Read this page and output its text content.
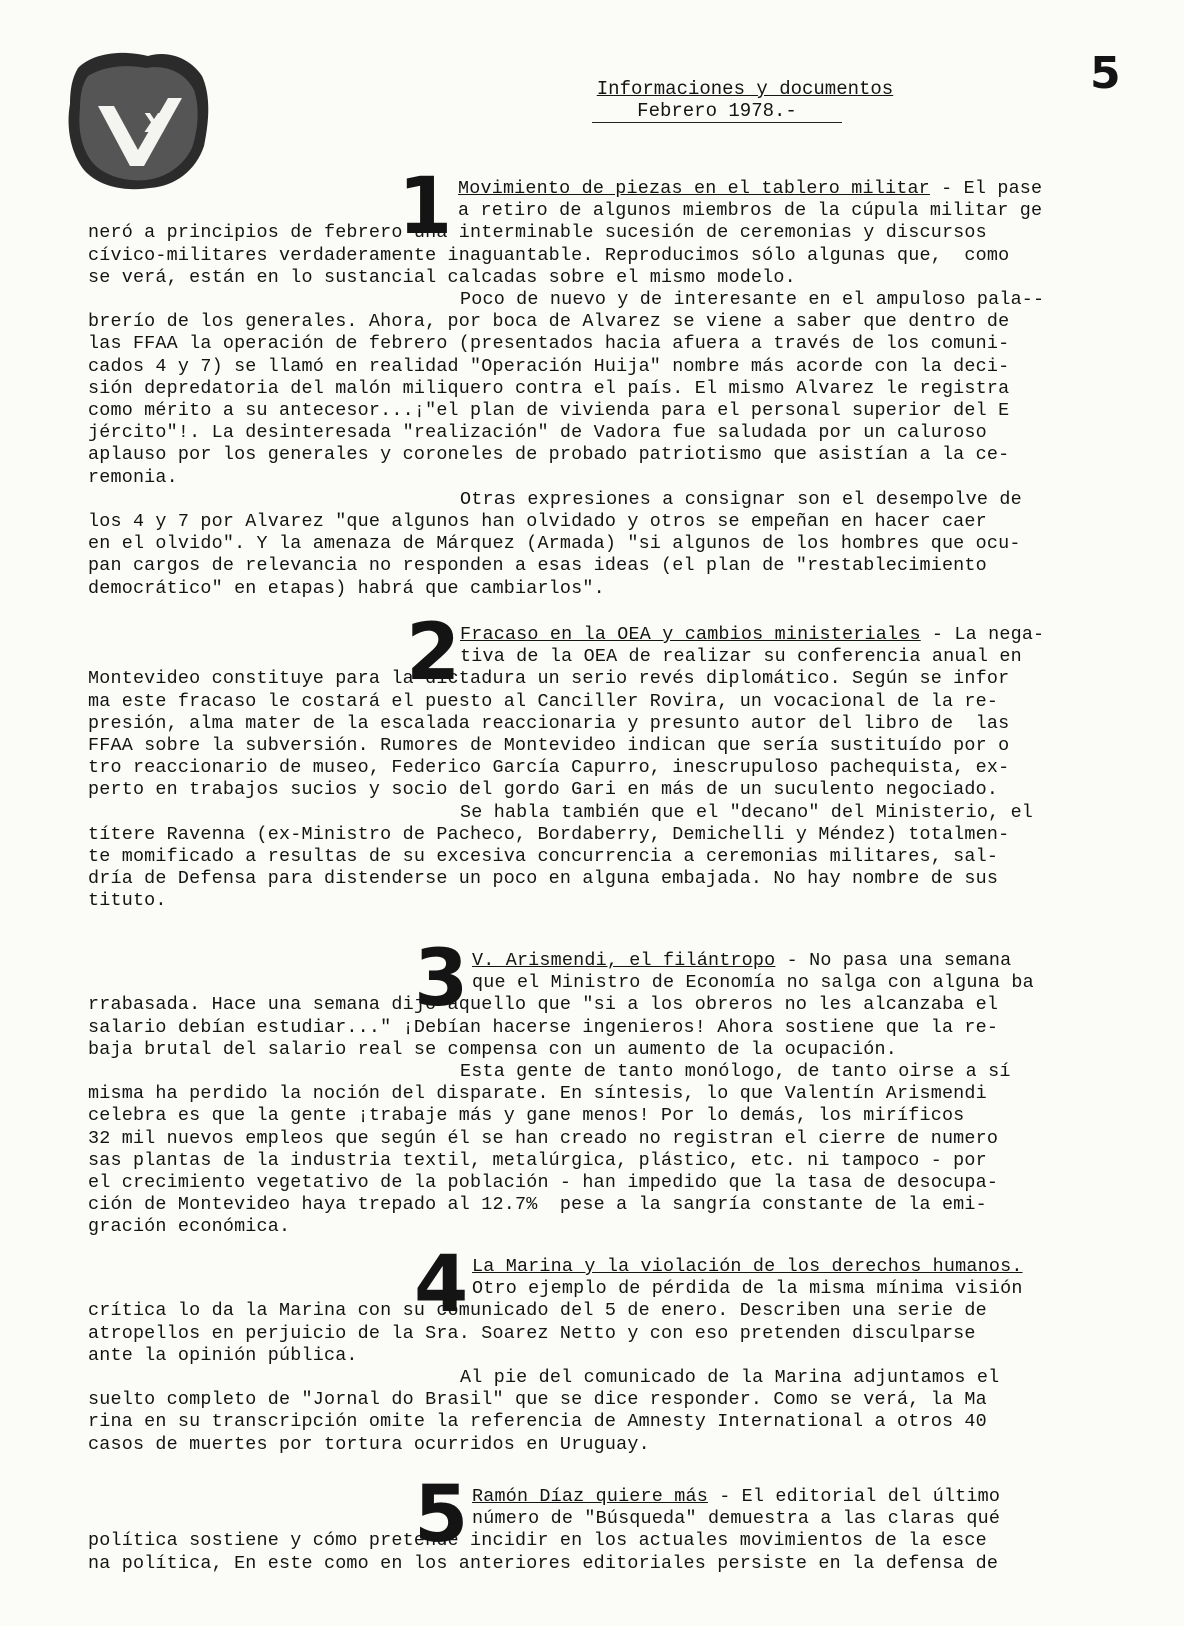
X
5
Informaciones y documentos

Febrero 1978.-
1 Movimiento de piezas en el tablero militar - El pase
a retiro de algunos miembros de la cúpula militar ge
neró a principios de febrero una interminable sucesión de ceremonias y discursos
cívico-militares verdaderamente inaguantable. Reproducimos sólo algunas que,  como
se verá, están en lo sustancial calcadas sobre el mismo modelo.
Poco de nuevo y de interesante en el ampuloso pala--
brerío de los generales. Ahora, por boca de Alvarez se viene a saber que dentro de
las FFAA la operación de febrero (presentados hacia afuera a través de los comuni-
cados 4 y 7) se llamó en realidad "Operación Huija" nombre más acorde con la deci-
sión depredatoria del malón miliquero contra el país. El mismo Alvarez le registra
como mérito a su antecesor...¡"el plan de vivienda para el personal superior del E
jército"!. La desinteresada "realización" de Vadora fue saludada por un caluroso
aplauso por los generales y coroneles de probado patriotismo que asistían a la ce-
remonia.
Otras expresiones a consignar son el desempolve de
los 4 y 7 por Alvarez "que algunos han olvidado y otros se empeñan en hacer caer
en el olvido". Y la amenaza de Márquez (Armada) "si algunos de los hombres que ocu-
pan cargos de relevancia no responden a esas ideas (el plan de "restablecimiento
democrático" en etapas) habrá que cambiarlos".
2 Fracaso en la OEA y cambios ministeriales - La nega-
tiva de la OEA de realizar su conferencia anual en
Montevideo constituye para la dictadura un serio revés diplomático. Según se infor
ma este fracaso le costará el puesto al Canciller Rovira, un vocacional de la re-
presión, alma mater de la escalada reaccionaria y presunto autor del libro de  las
FFAA sobre la subversión. Rumores de Montevideo indican que sería sustituído por o
tro reaccionario de museo, Federico García Capurro, inescrupuloso pachequista, ex-
perto en trabajos sucios y socio del gordo Gari en más de un suculento negociado.
Se habla también que el "decano" del Ministerio, el
títere Ravenna (ex-Ministro de Pacheco, Bordaberry, Demichelli y Méndez) totalmen-
te momificado a resultas de su excesiva concurrencia a ceremonias militares, sal-
dría de Defensa para distenderse un poco en alguna embajada. No hay nombre de sus
tituto.
3 V. Arismendi, el filántropo - No pasa una semana
que el Ministro de Economía no salga con alguna ba
rrabasada. Hace una semana dijo aquello que "si a los obreros no les alcanzaba el
salario debían estudiar..." ¡Debían hacerse ingenieros! Ahora sostiene que la re-
baja brutal del salario real se compensa con un aumento de la ocupación.
Esta gente de tanto monólogo, de tanto oirse a sí
misma ha perdido la noción del disparate. En síntesis, lo que Valentín Arismendi
celebra es que la gente ¡trabaje más y gane menos! Por lo demás, los miríficos
32 mil nuevos empleos que según él se han creado no registran el cierre de numero
sas plantas de la industria textil, metalúrgica, plástico, etc. ni tampoco - por
el crecimiento vegetativo de la población - han impedido que la tasa de desocupa-
ción de Montevideo haya trepado al 12.7%  pese a la sangría constante de la emi-
gración económica.
4 La Marina y la violación de los derechos humanos.
Otro ejemplo de pérdida de la misma mínima visión
crítica lo da la Marina con su comunicado del 5 de enero. Describen una serie de
atropellos en perjuicio de la Sra. Soarez Netto y con eso pretenden disculparse
ante la opinión pública.
Al pie del comunicado de la Marina adjuntamos el
suelto completo de "Jornal do Brasil" que se dice responder. Como se verá, la Ma
rina en su transcripción omite la referencia de Amnesty International a otros 40
casos de muertes por tortura ocurridos en Uruguay.
5 Ramón Díaz quiere más - El editorial del último
número de "Búsqueda" demuestra a las claras qué
política sostiene y cómo pretende incidir en los actuales movimientos de la esce
na política, En este como en los anteriores editoriales persiste en la defensa de
